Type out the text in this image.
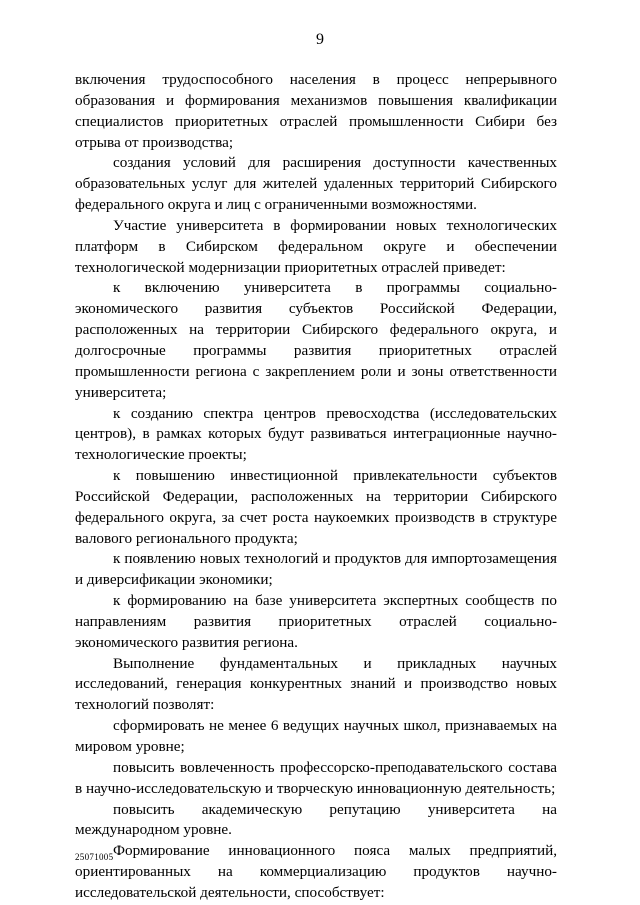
9

включения трудоспособного населения в процесс непрерывного образования и формирования механизмов повышения квалификации специалистов приоритетных отраслей промышленности Сибири без отрыва от производства;

создания условий для расширения доступности качественных образовательных услуг для жителей удаленных территорий Сибирского федерального округа и лиц с ограниченными возможностями.

Участие университета в формировании новых технологических платформ в Сибирском федеральном округе и обеспечении технологической модернизации приоритетных отраслей приведет:

к включению университета в программы социально-экономического развития субъектов Российской Федерации, расположенных на территории Сибирского федерального округа, и долгосрочные программы развития приоритетных отраслей промышленности региона с закреплением роли и зоны ответственности университета;

к созданию спектра центров превосходства (исследовательских центров), в рамках которых будут развиваться интеграционные научно-технологические проекты;

к повышению инвестиционной привлекательности субъектов Российской Федерации, расположенных на территории Сибирского федерального округа, за счет роста наукоемких производств в структуре валового регионального продукта;

к появлению новых технологий и продуктов для импортозамещения и диверсификации экономики;

к формированию на базе университета экспертных сообществ по направлениям развития приоритетных отраслей социально-экономического развития региона.

Выполнение фундаментальных и прикладных научных исследований, генерация конкурентных знаний и производство новых технологий позволят:

сформировать не менее 6 ведущих научных школ, признаваемых на мировом уровне;

повысить вовлеченность профессорско-преподавательского состава в научно-исследовательскую и творческую инновационную деятельность;

повысить академическую репутацию университета на международном уровне.

Формирование инновационного пояса малых предприятий, ориентированных на коммерциализацию продуктов научно-исследовательской деятельности, способствует:

25071005
